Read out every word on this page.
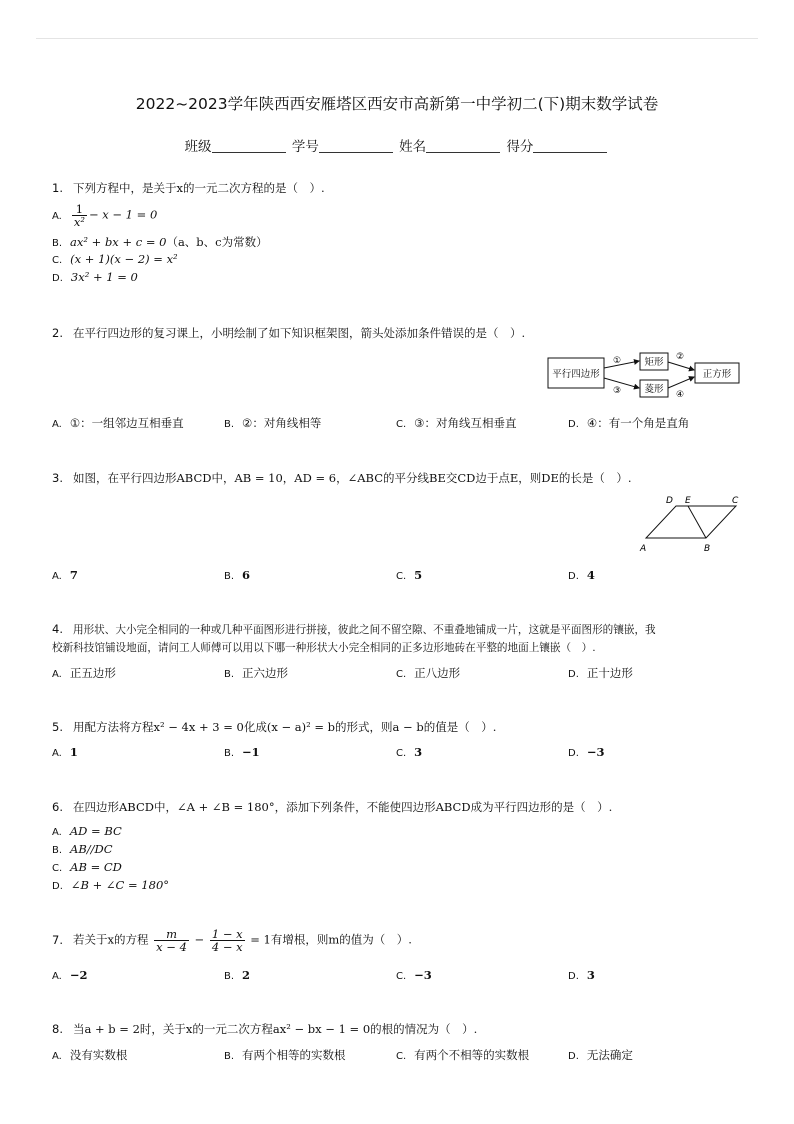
2022~2023学年陕西西安雁塔区西安市高新第一中学初二(下)期末数学试卷
班级	学号	姓名	得分
1. 下列方程中，是关于x的一元二次方程的是（　）.
A. $\frac{1}{\text{x²}} - x - 1 = 0$
B. ax² + bx + c = 0（a、b、c为常数）
C. (x + 1)(x − 2) = x²
D. 3x² + 1 = 0
2. 在平行四边形的复习课上，小明绘制了如下知识框架图，箭头处添加条件错误的是（　）.
平行四边形
矩形
菱形
正方形
①
③
②
④
A. ①：一组邻边互相垂直	B. ②：对角线相等	C. ③：对角线互相垂直	D. ④：有一个角是直角
3. 如图，在平行四边形ABCD中，AB = 10，AD = 6，∠ABC的平分线BE交CD边于点E，则DE的长是（　）.
A	B
C
D E
A. 7	B. 6	C. 5	D. 4
4. 用形状、大小完全相同的一种或几种平面图形进行拼接，彼此之间不留空隙、不重叠地铺成一片，这就是平面图形的镶嵌，我
校新科技馆铺设地面，请问工人师傅可以用以下哪一种形状大小完全相同的正多边形地砖在平整的地面上镶嵌（　）.
A. 正五边形	B. 正六边形	C. 正八边形	D. 正十边形
5. 用配方法将方程x² − 4x + 3 = 0化成(x − a)² = b的形式，则a − b的值是（　）.
A. 1	B. −1	C. 3	D. −3
6. 在四边形ABCD中，∠A + ∠B = 180°，添加下列条件，不能使四边形ABCD成为平行四边形的是（　）.
A. AD = BC
B. AB//DC
C. AB = CD
D. ∠B + ∠C = 180°
7. 若关于x的方程 $\frac{m}{x - 4} - \frac{1 - x}{4 - x} = 1$有增根，则m的值为（　）.
A. −2	B. 2	C. −3	D. 3
8. 当a + b = 2时，关于x的一元二次方程ax² − bx − 1 = 0的根的情况为（　）.
A. 没有实数根	B. 有两个相等的实数根	C. 有两个不相等的实数根	D. 无法确定
